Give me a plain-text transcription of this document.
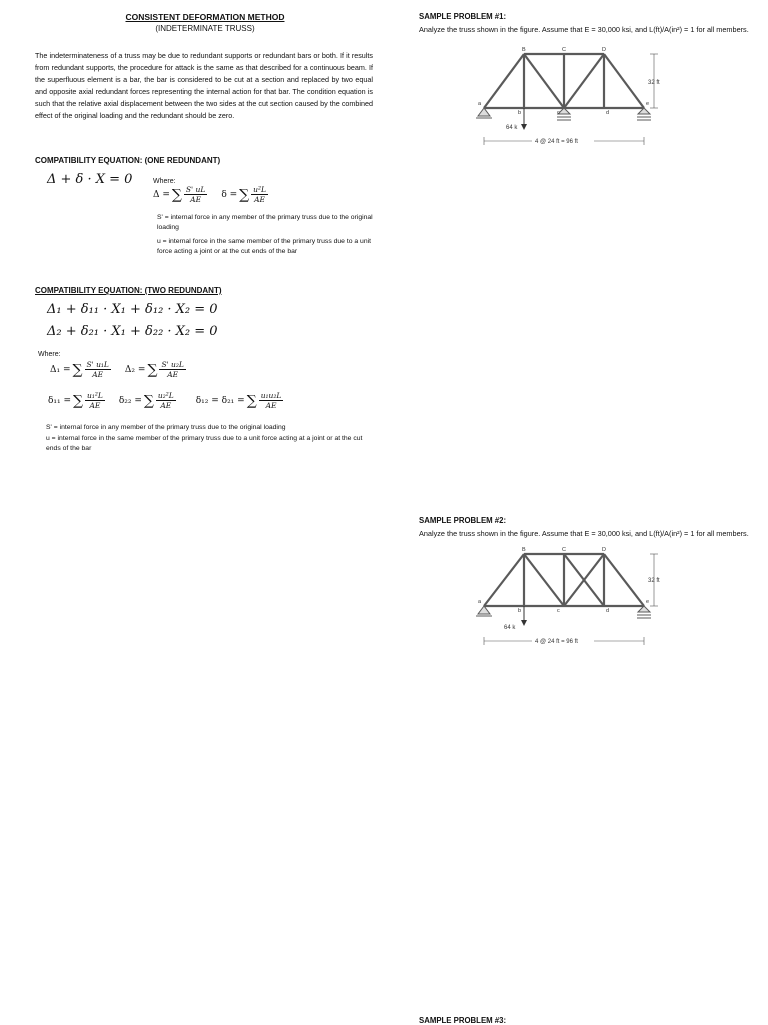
CONSISTENT DEFORMATION METHOD
(INDETERMINATE TRUSS)
The indeterminateness of a truss may be due to redundant supports or redundant bars or both. If it results from redundant supports, the procedure for attack is the same as that described for a continuous beam. If the superfluous element is a bar, the bar is considered to be cut at a section and replaced by two equal and opposite axial redundant forces representing the internal action for that bar. The condition equation is such that the relative axial displacement between the two sides at the cut section caused by the combined effect of the original loading and the redundant should be zero.
COMPATIBILITY EQUATION: (ONE REDUNDANT)
Δ + δ · X = 0	Where:
Δ = ∑ $\frac{S' uL}{AE}$ δ = ∑ $\frac{\text{u²L}}{AE}$
S' = internal force in any member of the primary truss due to the original loading
u = internal force in the same member of the primary truss due to a unit force acting a joint or at the cut ends of the bar
COMPATIBILITY EQUATION: (TWO REDUNDANT)
Δ₁ + δ₁₁ · X₁ + δ₁₂ · X₂ = 0
Δ₂ + δ₂₁ · X₁ + δ₂₂ · X₂ = 0
Where:
Δ₁ = ∑ $\frac{\text{S' u₁L}}{AE} \Delta_2$ = ∑ $\frac{\text{S' u₂L}}{AE}$
δ₁₁ = ∑ $\frac{\text{u₁²L}}{AE} \delta_{22}$ = ∑ $\frac{\text{u₂²L}}{AE} \delta_{12} = \delta_{21}$ = ∑ $\frac{\text{u₁u₂L}}{AE}$
S' = internal force in any member of the primary truss due to the original loading
u = internal force in the same member of the primary truss due to a unit force acting at a joint or at the cut ends of the bar
SAMPLE PROBLEM #1:
Analyze the truss shown in the figure. Assume that E = 30,000 ksi, and L(ft)/A(in²) = 1 for all members.
a
b	c	d
e
B	C	D
64 k
32 ft
4 @ 24 ft = 96 ft
SAMPLE PROBLEM #2:
Analyze the truss shown in the figure. Assume that E = 30,000 ksi, and L(ft)/A(in²) = 1 for all members.
a
b	c	d
e
B	C	D
64 k
32 ft
4 @ 24 ft = 96 ft
SAMPLE PROBLEM #3:
